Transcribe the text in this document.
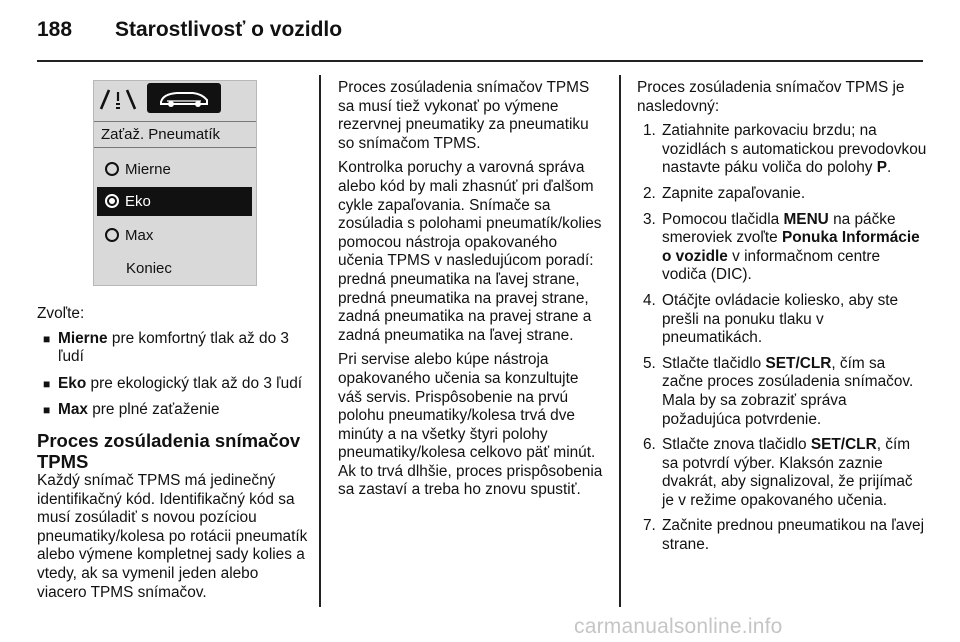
188	Starostlivosť o vozidlo
Zaťaž. Pneumatík
Mierne
Eko
Max
Koniec

Zvoľte:

■ Mierne pre komfortný tlak až do 3 ľudí
■ Eko pre ekologický tlak až do 3 ľudí
■ Max pre plné zaťaženie
Proces zosúladenia snímačov TPMS

Každý snímač TPMS má jedinečný identifikačný kód. Identifikačný kód sa musí zosúladiť s novou pozíciou pneumatiky/kolesa po rotácii pneumatík alebo výmene kompletnej sady kolies a vtedy, ak sa vymenil jeden alebo viacero TPMS snímačov.

Proces zosúladenia snímačov TPMS sa musí tiež vykonať po výmene rezervnej pneumatiky za pneumatiku so snímačom TPMS.

Kontrolka poruchy a varovná správa alebo kód by mali zhasnúť pri ďalšom cykle zapaľovania. Snímače sa zosúladia s polohami pneumatík/kolies pomocou nástroja opakovaného učenia TPMS v nasledujúcom poradí: predná pneumatika na ľavej strane, predná pneumatika na pravej strane, zadná pneumatika na pravej strane a zadná pneumatika na ľavej strane.

Pri servise alebo kúpe nástroja opakovaného učenia sa konzultujte váš servis. Prispôsobenie na prvú polohu pneumatiky/kolesa trvá dve minúty a na všetky štyri polohy pneumatiky/kolesa celkovo päť minút. Ak to trvá dlhšie, proces prispôsobenia sa zastaví a treba ho znovu spustiť.

Proces zosúladenia snímačov TPMS je nasledovný:

1. Zatiahnite parkovaciu brzdu; na vozidlách s automatickou prevodovkou nastavte páku voliča do polohy P.
2. Zapnite zapaľovanie.
3. Pomocou tlačidla MENU na páčke smeroviek zvoľte Ponuka Informácie o vozidle v informačnom centre vodiča (DIC).
4. Otáčjte ovládacie koliesko, aby ste prešli na ponuku tlaku v pneumatikách.
5. Stlačte tlačidlo SET/CLR, čím sa začne proces zosúladenia snímačov. Mala by sa zobraziť správa požadujúca potvrdenie.
6. Stlačte znova tlačidlo SET/CLR, čím sa potvrdí výber. Klaksón zaznie dvakrát, aby signalizoval, že prijímač je v režime opakovaného učenia.
7. Začnite prednou pneumatikou na ľavej strane.
carmanualsonline.info
